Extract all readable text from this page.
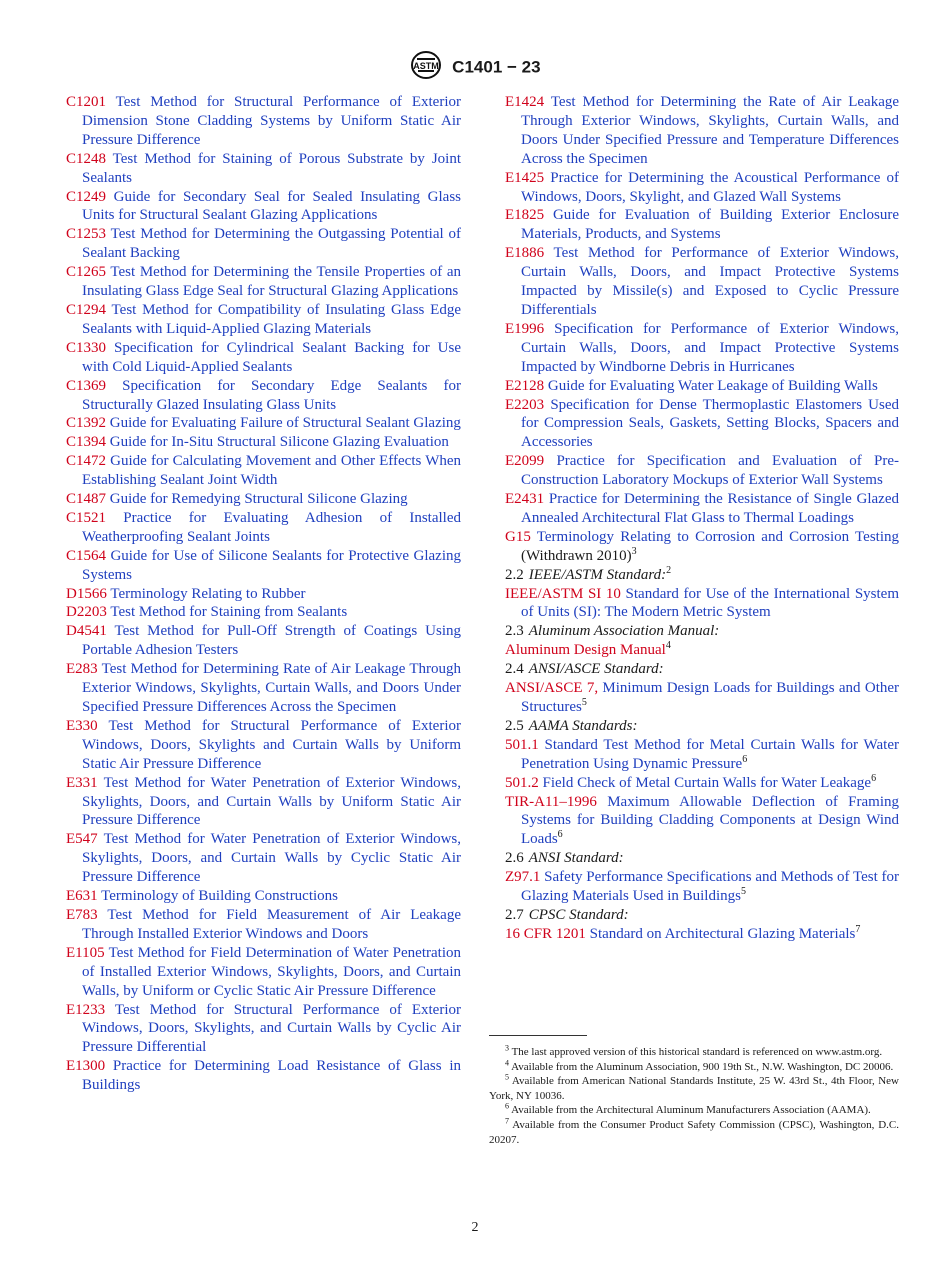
ASTM C1401 − 23

C1201 Test Method for Structural Performance of Exterior Dimension Stone Cladding Systems by Uniform Static Air Pressure Difference

C1248 Test Method for Staining of Porous Substrate by Joint Sealants

C1249 Guide for Secondary Seal for Sealed Insulating Glass Units for Structural Sealant Glazing Applications

C1253 Test Method for Determining the Outgassing Potential of Sealant Backing

C1265 Test Method for Determining the Tensile Properties of an Insulating Glass Edge Seal for Structural Glazing Applications

C1294 Test Method for Compatibility of Insulating Glass Edge Sealants with Liquid-Applied Glazing Materials

C1330 Specification for Cylindrical Sealant Backing for Use with Cold Liquid-Applied Sealants

C1369 Specification for Secondary Edge Sealants for Structurally Glazed Insulating Glass Units

C1392 Guide for Evaluating Failure of Structural Sealant Glazing

C1394 Guide for In-Situ Structural Silicone Glazing Evaluation

C1472 Guide for Calculating Movement and Other Effects When Establishing Sealant Joint Width

C1487 Guide for Remedying Structural Silicone Glazing

C1521 Practice for Evaluating Adhesion of Installed Weatherproofing Sealant Joints

C1564 Guide for Use of Silicone Sealants for Protective Glazing Systems

D1566 Terminology Relating to Rubber

D2203 Test Method for Staining from Sealants

D4541 Test Method for Pull-Off Strength of Coatings Using Portable Adhesion Testers

E283 Test Method for Determining Rate of Air Leakage Through Exterior Windows, Skylights, Curtain Walls, and Doors Under Specified Pressure Differences Across the Specimen

E330 Test Method for Structural Performance of Exterior Windows, Doors, Skylights and Curtain Walls by Uniform Static Air Pressure Difference

E331 Test Method for Water Penetration of Exterior Windows, Skylights, Doors, and Curtain Walls by Uniform Static Air Pressure Difference

E547 Test Method for Water Penetration of Exterior Windows, Skylights, Doors, and Curtain Walls by Cyclic Static Air Pressure Difference

E631 Terminology of Building Constructions

E783 Test Method for Field Measurement of Air Leakage Through Installed Exterior Windows and Doors

E1105 Test Method for Field Determination of Water Penetration of Installed Exterior Windows, Skylights, Doors, and Curtain Walls, by Uniform or Cyclic Static Air Pressure Difference

E1233 Test Method for Structural Performance of Exterior Windows, Doors, Skylights, and Curtain Walls by Cyclic Air Pressure Differential

E1300 Practice for Determining Load Resistance of Glass in Buildings

E1424 Test Method for Determining the Rate of Air Leakage Through Exterior Windows, Skylights, Curtain Walls, and Doors Under Specified Pressure and Temperature Differences Across the Specimen

E1425 Practice for Determining the Acoustical Performance of Windows, Doors, Skylight, and Glazed Wall Systems

E1825 Guide for Evaluation of Building Exterior Enclosure Materials, Products, and Systems

E1886 Test Method for Performance of Exterior Windows, Curtain Walls, Doors, and Impact Protective Systems Impacted by Missile(s) and Exposed to Cyclic Pressure Differentials

E1996 Specification for Performance of Exterior Windows, Curtain Walls, Doors, and Impact Protective Systems Impacted by Windborne Debris in Hurricanes

E2128 Guide for Evaluating Water Leakage of Building Walls

E2203 Specification for Dense Thermoplastic Elastomers Used for Compression Seals, Gaskets, Setting Blocks, Spacers and Accessories

E2099 Practice for Specification and Evaluation of Pre-Construction Laboratory Mockups of Exterior Wall Systems

E2431 Practice for Determining the Resistance of Single Glazed Annealed Architectural Flat Glass to Thermal Loadings

G15 Terminology Relating to Corrosion and Corrosion Testing (Withdrawn 2010)$^3$

2.2 IEEE/ASTM Standard:$^2$

IEEE/ASTM SI 10 Standard for Use of the International System of Units (SI): The Modern Metric System

2.3 Aluminum Association Manual:

Aluminum Design Manual$^4$

2.4 ANSI/ASCE Standard:

ANSI/ASCE 7, Minimum Design Loads for Buildings and Other Structures$^5$

2.5 AAMA Standards:

501.1 Standard Test Method for Metal Curtain Walls for Water Penetration Using Dynamic Pressure$^6$

501.2 Field Check of Metal Curtain Walls for Water Leakage$^6$

TIR-A11–1996 Maximum Allowable Deflection of Framing Systems for Building Cladding Components at Design Wind Loads$^6$

2.6 ANSI Standard:

Z97.1 Safety Performance Specifications and Methods of Test for Glazing Materials Used in Buildings$^5$

2.7 CPSC Standard:

16 CFR 1201 Standard on Architectural Glazing Materials$^7$

$^3$ The last approved version of this historical standard is referenced on www.astm.org.

$^4$ Available from the Aluminum Association, 900 19th St., N.W. Washington, DC 20006.

$^5$ Available from American National Standards Institute, 25 W. 43rd St., 4th Floor, New York, NY 10036.

$^6$ Available from the Architectural Aluminum Manufacturers Association (AAMA).

$^7$ Available from the Consumer Product Safety Commission (CPSC), Washington, D.C. 20207.

2
